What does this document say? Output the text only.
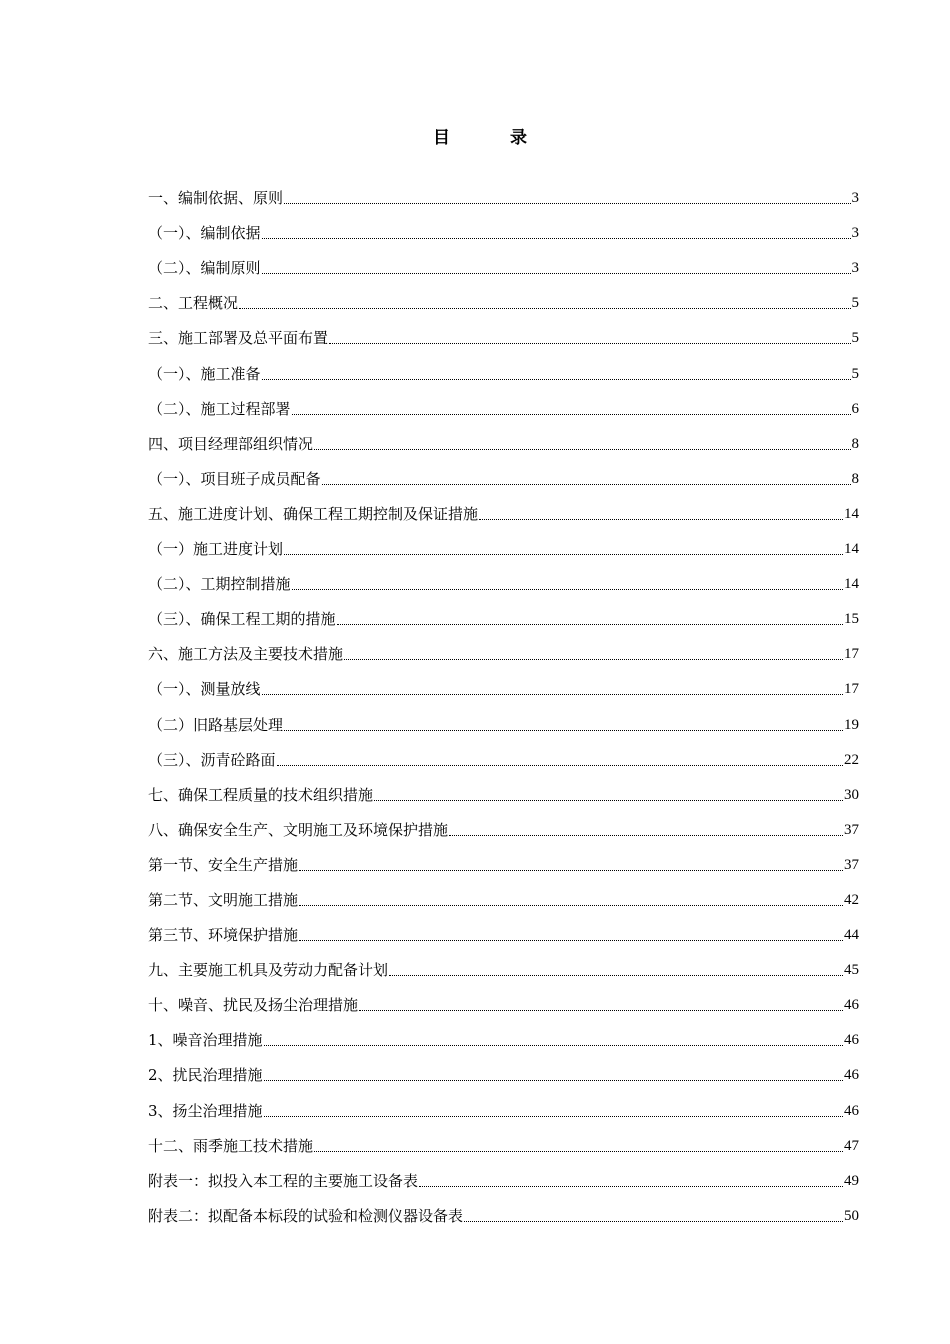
目录
一、编制依据、原则	3
（一）、编制依据	3
（二）、编制原则	3
二、工程概况	5
三、施工部署及总平面布置	5
（一）、施工准备	5
（二）、施工过程部署	6
四、项目经理部组织情况	8
（一）、项目班子成员配备	8
五、施工进度计划、确保工程工期控制及保证措施	14
（一）施工进度计划	14
（二）、工期控制措施	14
（三）、确保工程工期的措施	15
六、施工方法及主要技术措施	17
（一）、测量放线	17
（二）旧路基层处理	19
（三）、沥青砼路面	22
七、确保工程质量的技术组织措施	30
八、确保安全生产、文明施工及环境保护措施	37
第一节、安全生产措施	37
第二节、文明施工措施	42
第三节、环境保护措施	44
九、主要施工机具及劳动力配备计划	45
十、噪音、扰民及扬尘治理措施	46
1、噪音治理措施	46
2、扰民治理措施	46
3、扬尘治理措施	46
十二、雨季施工技术措施	47
附表一：拟投入本工程的主要施工设备表	49
附表二：拟配备本标段的试验和检测仪器设备表	50
